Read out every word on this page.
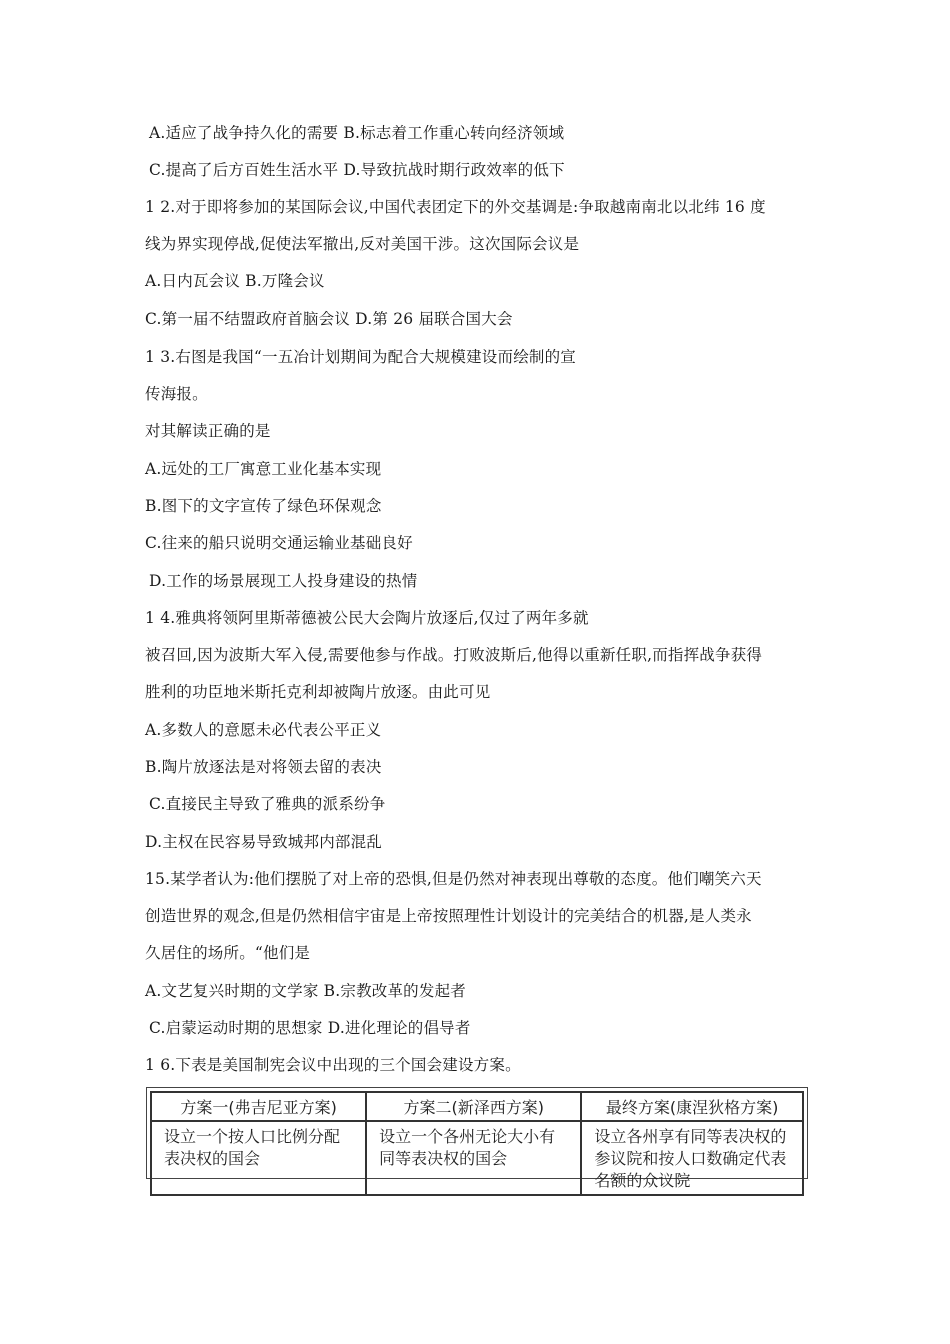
A.适应了战争持久化的需要 B.标志着工作重心转向经济领域
C.提高了后方百姓生活水平 D.导致抗战时期行政效率的低下
1 2.对于即将参加的某国际会议,中国代表团定下的外交基调是:争取越南南北以北纬 16 度
线为界实现停战,促使法军撤出,反对美国干涉。这次国际会议是
A.日内瓦会议 B.万隆会议
C.第一届不结盟政府首脑会议 D.第 26 届联合国大会
1 3.右图是我国“一五冶计划期间为配合大规模建设而绘制的宣
传海报。
对其解读正确的是
A.远处的工厂寓意工业化基本实现
B.图下的文字宣传了绿色环保观念
C.往来的船只说明交通运输业基础良好
D.工作的场景展现工人投身建设的热情
1 4.雅典将领阿里斯蒂德被公民大会陶片放逐后,仅过了两年多就
被召回,因为波斯大军入侵,需要他参与作战。打败波斯后,他得以重新任职,而指挥战争获得
胜利的功臣地米斯托克利却被陶片放逐。由此可见
A.多数人的意愿未必代表公平正义
B.陶片放逐法是对将领去留的表决
C.直接民主导致了雅典的派系纷争
D.主权在民容易导致城邦内部混乱
15.某学者认为:他们摆脱了对上帝的恐惧,但是仍然对神表现出尊敬的态度。他们嘲笑六天
创造世界的观念,但是仍然相信宇宙是上帝按照理性计划设计的完美结合的机器,是人类永
久居住的场所。“他们是
A.文艺复兴时期的文学家 B.宗教改革的发起者
C.启蒙运动时期的思想家 D.进化理论的倡导者
1 6.下表是美国制宪会议中出现的三个国会建设方案。
方案一(弗吉尼亚方案)	方案二(新泽西方案)	最终方案(康涅狄格方案)
设立一个按人口比例分配表决权的国会	设立一个各州无论大小有同等表决权的国会	设立各州享有同等表决权的参议院和按人口数确定代表名额的众议院
